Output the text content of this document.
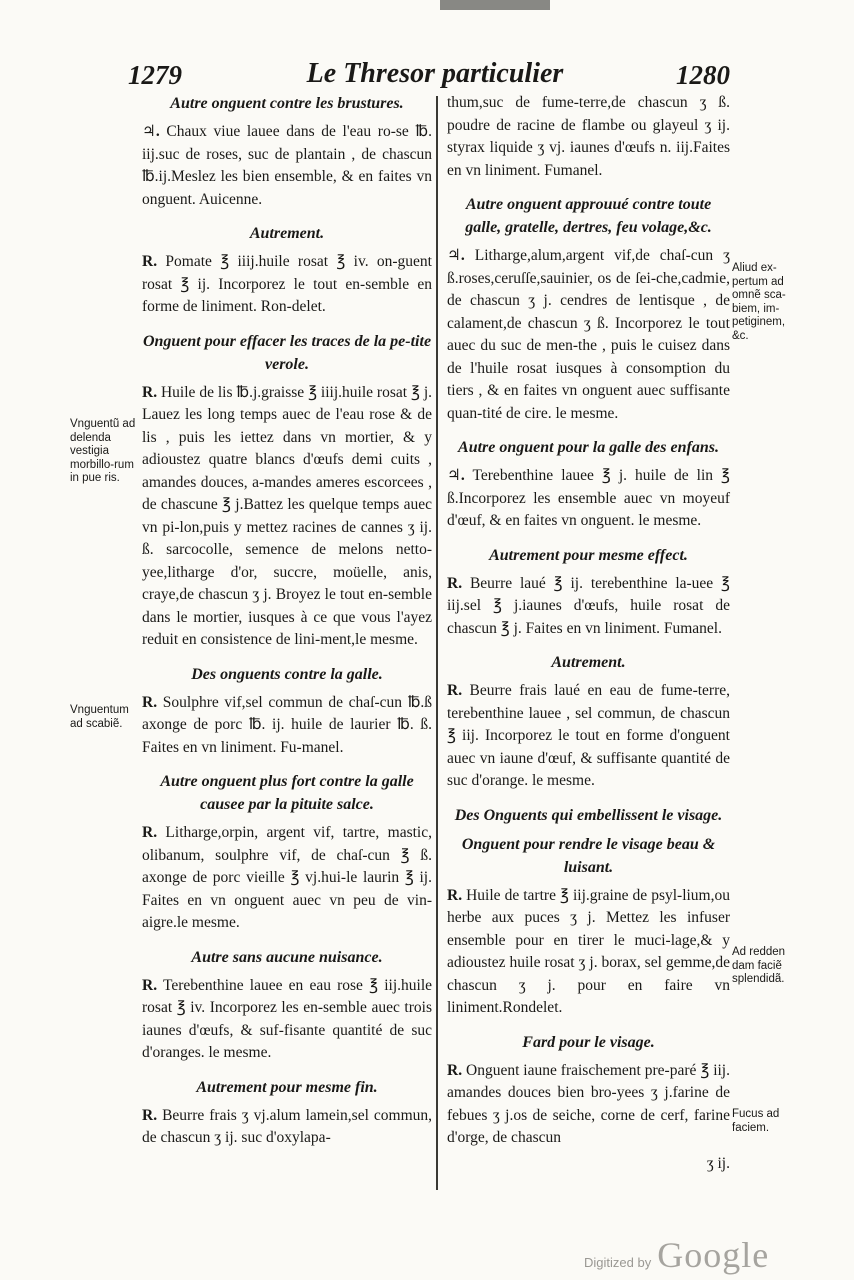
1279	Le Thresor particulier	1280
Autre onguent contre les brustures.
♃. Chaux viue lauee dans de l'eau ro-se ℔. iij.suc de roses, suc de plantain , de chascun ℔.ij.Meslez les bien ensemble, & en faites vn onguent. Auicenne.
Autrement.
R. Pomate ℥ iiij.huile rosat ℥ iv. on-guent rosat ℥ ij. Incorporez le tout en-semble en forme de liniment. Ron-delet.
Onguent pour effacer les traces de la pe-tite verole.
R. Huile de lis ℔.j.graisse ℥ iiij.huile rosat ℥ j. Lauez les long temps auec de l'eau rose & de lis , puis les iettez dans vn mortier, & y adioustez quatre blancs d'œufs demi cuits , amandes douces, a-mandes ameres escorcees , de chascune ℥ j.Battez les quelque temps auec vn pi-lon,puis y mettez racines de cannes ʒ ij. ß. sarcocolle, semence de melons netto-yee,litharge d'or, succre, moüelle, anis, craye,de chascun ʒ j. Broyez le tout en-semble dans le mortier, iusques à ce que vous l'ayez reduit en consistence de lini-ment,le mesme.
Des onguents contre la galle.
R. Soulphre vif,sel commun de chaſ-cun ℔.ß axonge de porc ℔. ij. huile de laurier ℔. ß. Faites en vn liniment. Fu-manel.
Autre onguent plus fort contre la galle causee par la pituite salce.
R. Litharge,orpin, argent vif, tartre, mastic, olibanum, soulphre vif, de chaſ-cun ℥ ß. axonge de porc vieille ℥ vj.hui-le laurin ℥ ij. Faites en vn onguent auec vn peu de vin-aigre.le mesme.
Autre sans aucune nuisance.
R. Terebenthine lauee en eau rose ℥ iij.huile rosat ℥ iv. Incorporez les en-semble auec trois iaunes d'œufs, & suf-fisante quantité de suc d'oranges. le mesme.
Autrement pour mesme fin.
R. Beurre frais ʒ vj.alum lamein,sel commun, de chascun ʒ ij. suc d'oxylapa-
thum,suc de fume-terre,de chascun ʒ ß. poudre de racine de flambe ou glayeul ʒ ij. styrax liquide ʒ vj. iaunes d'œufs n. iij.Faites en vn liniment. Fumanel.
Autre onguent approuué contre toute galle, gratelle, dertres, feu volage,&c.
♃. Litharge,alum,argent vif,de chaſ-cun ʒ ß.roses,ceruſſe,sauinier, os de ſei-che,cadmie, de chascun ʒ j. cendres de lentisque , de calament,de chascun ʒ ß. Incorporez le tout auec du suc de men-the , puis le cuisez dans de l'huile rosat iusques à consomption du tiers , & en faites vn onguent auec suffisante quan-tité de cire. le mesme.
Autre onguent pour la galle des enfans.
♃. Terebenthine lauee ℥ j. huile de lin ℥ ß.Incorporez les ensemble auec vn moyeuf d'œuf, & en faites vn onguent. le mesme.
Autrement pour mesme effect.
R. Beurre laué ℥ ij. terebenthine la-uee ℥ iij.sel ℥ j.iaunes d'œufs, huile rosat de chascun ℥ j. Faites en vn liniment. Fumanel.
Autrement.
R. Beurre frais laué en eau de fume-terre, terebenthine lauee , sel commun, de chascun ℥ iij. Incorporez le tout en forme d'onguent auec vn iaune d'œuf, & suffisante quantité de suc d'orange. le mesme.
Des Onguents qui embellissent le visage.
Onguent pour rendre le visage beau & luisant.
R. Huile de tartre ℥ iij.graine de psyl-lium,ou herbe aux puces ʒ j. Mettez les infuser ensemble pour en tirer le muci-lage,& y adioustez huile rosat ʒ j. borax, sel gemme,de chascun ʒ j. pour en faire vn liniment.Rondelet.
Fard pour le visage.
R. Onguent iaune fraischement pre-paré ℥ iij. amandes douces bien bro-yees ʒ j.farine de febues ʒ j.os de seiche, corne de cerf, farine d'orge, de chascun
ʒ ij.
Vnguentũ ad delenda vestigia morbillo-rum in pue ris.
Vnguentum ad scabiẽ.
Aliud ex-pertum ad omnẽ sca-biem, im-petiginem, &c.
Ad redden dam faciẽ splendidã.
Fucus ad faciem.
Digitized by Google
